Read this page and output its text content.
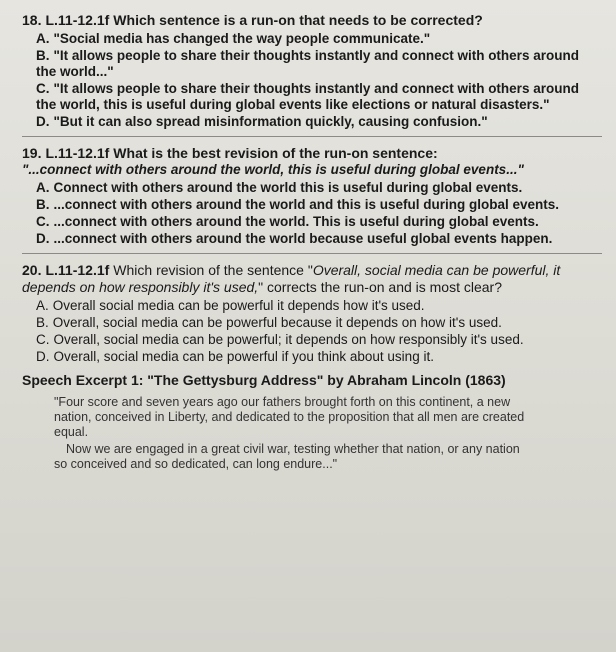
18. L.11-12.1f Which sentence is a run-on that needs to be corrected?
A. "Social media has changed the way people communicate."
B. "It allows people to share their thoughts instantly and connect with others around the world..."
C. "It allows people to share their thoughts instantly and connect with others around the world, this is useful during global events like elections or natural disasters."
D. "But it can also spread misinformation quickly, causing confusion."
19. L.11-12.1f What is the best revision of the run-on sentence:
"...connect with others around the world, this is useful during global events..."
A. Connect with others around the world this is useful during global events.
B. ...connect with others around the world and this is useful during global events.
C. ...connect with others around the world. This is useful during global events.
D. ...connect with others around the world because useful global events happen.
20. L.11-12.1f Which revision of the sentence "Overall, social media can be powerful, it depends on how responsibly it's used," corrects the run-on and is most clear?
A. Overall social media can be powerful it depends how it's used.
B. Overall, social media can be powerful because it depends on how it's used.
C. Overall, social media can be powerful; it depends on how responsibly it's used.
D. Overall, social media can be powerful if you think about using it.
Speech Excerpt 1: "The Gettysburg Address" by Abraham Lincoln (1863)

"Four score and seven years ago our fathers brought forth on this continent, a new nation, conceived in Liberty, and dedicated to the proposition that all men are created equal.

Now we are engaged in a great civil war, testing whether that nation, or any nation so conceived and so dedicated, can long endure..."
